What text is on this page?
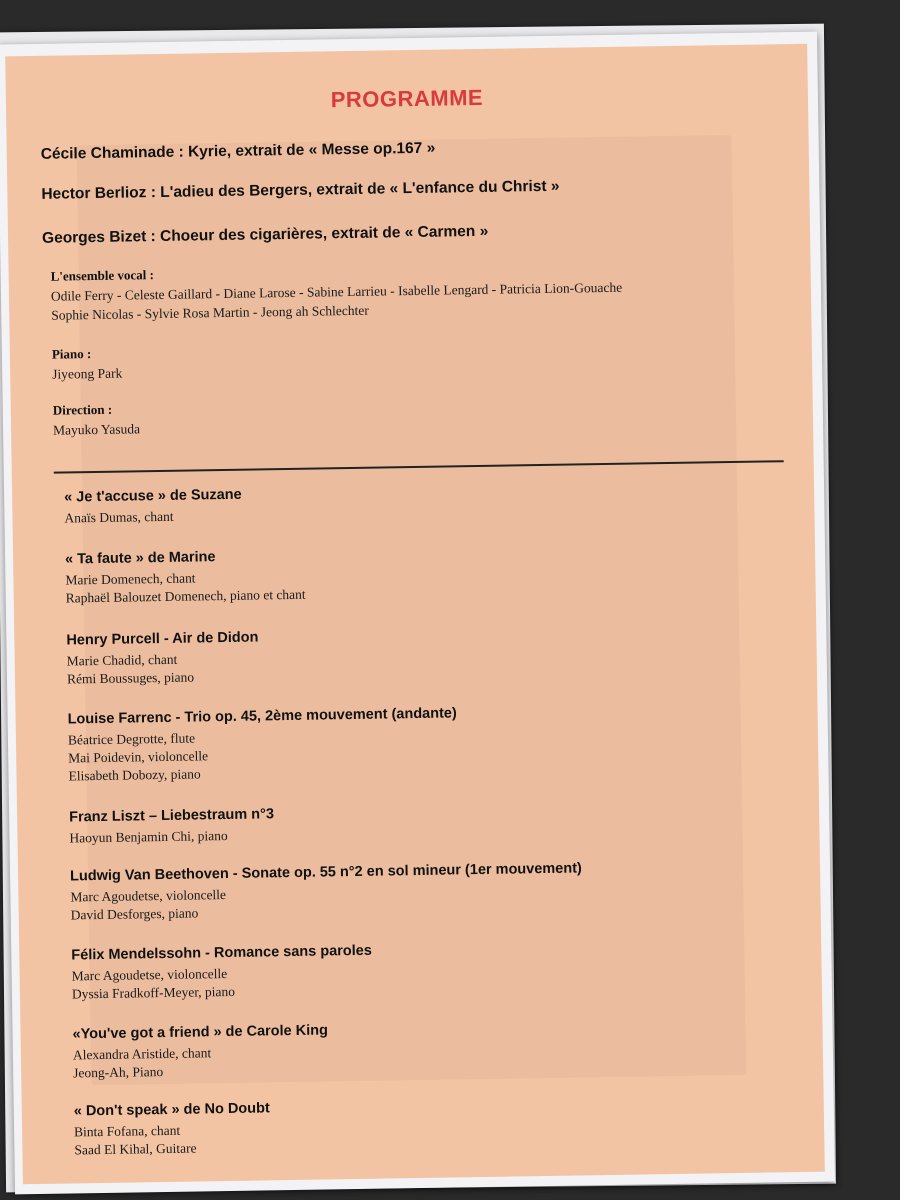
PROGRAMME
Cécile Chaminade : Kyrie, extrait de « Messe op.167 »
Hector Berlioz : L'adieu des Bergers, extrait de « L'enfance du Christ »
Georges Bizet : Choeur des cigarières, extrait de « Carmen »
L'ensemble vocal :
Odile Ferry - Celeste Gaillard - Diane Larose - Sabine Larrieu - Isabelle Lengard - Patricia Lion-Gouache
Sophie Nicolas - Sylvie Rosa Martin - Jeong ah Schlechter
Piano :
Jiyeong Park
Direction :
Mayuko Yasuda
« Je t'accuse » de Suzane
Anaïs Dumas, chant
« Ta faute » de Marine
Marie Domenech, chant
Raphaël Balouzet Domenech, piano et chant
Henry Purcell - Air de Didon
Marie Chadid, chant
Rémi Boussuges, piano
Louise Farrenc - Trio op. 45, 2ème mouvement (andante)
Béatrice Degrotte, flute
Mai Poidevin, violoncelle
Elisabeth Dobozy, piano
Franz Liszt – Liebestraum n°3
Haoyun Benjamin Chi, piano
Ludwig Van Beethoven - Sonate op. 55 n°2 en sol mineur (1er mouvement)
Marc Agoudetse, violoncelle
David Desforges, piano
Félix Mendelssohn - Romance sans paroles
Marc Agoudetse, violoncelle
Dyssia Fradkoff-Meyer, piano
«You've got a friend » de Carole King
Alexandra Aristide, chant
Jeong-Ah, Piano
« Don't speak » de No Doubt
Binta Fofana, chant
Saad El Kihal, Guitare
